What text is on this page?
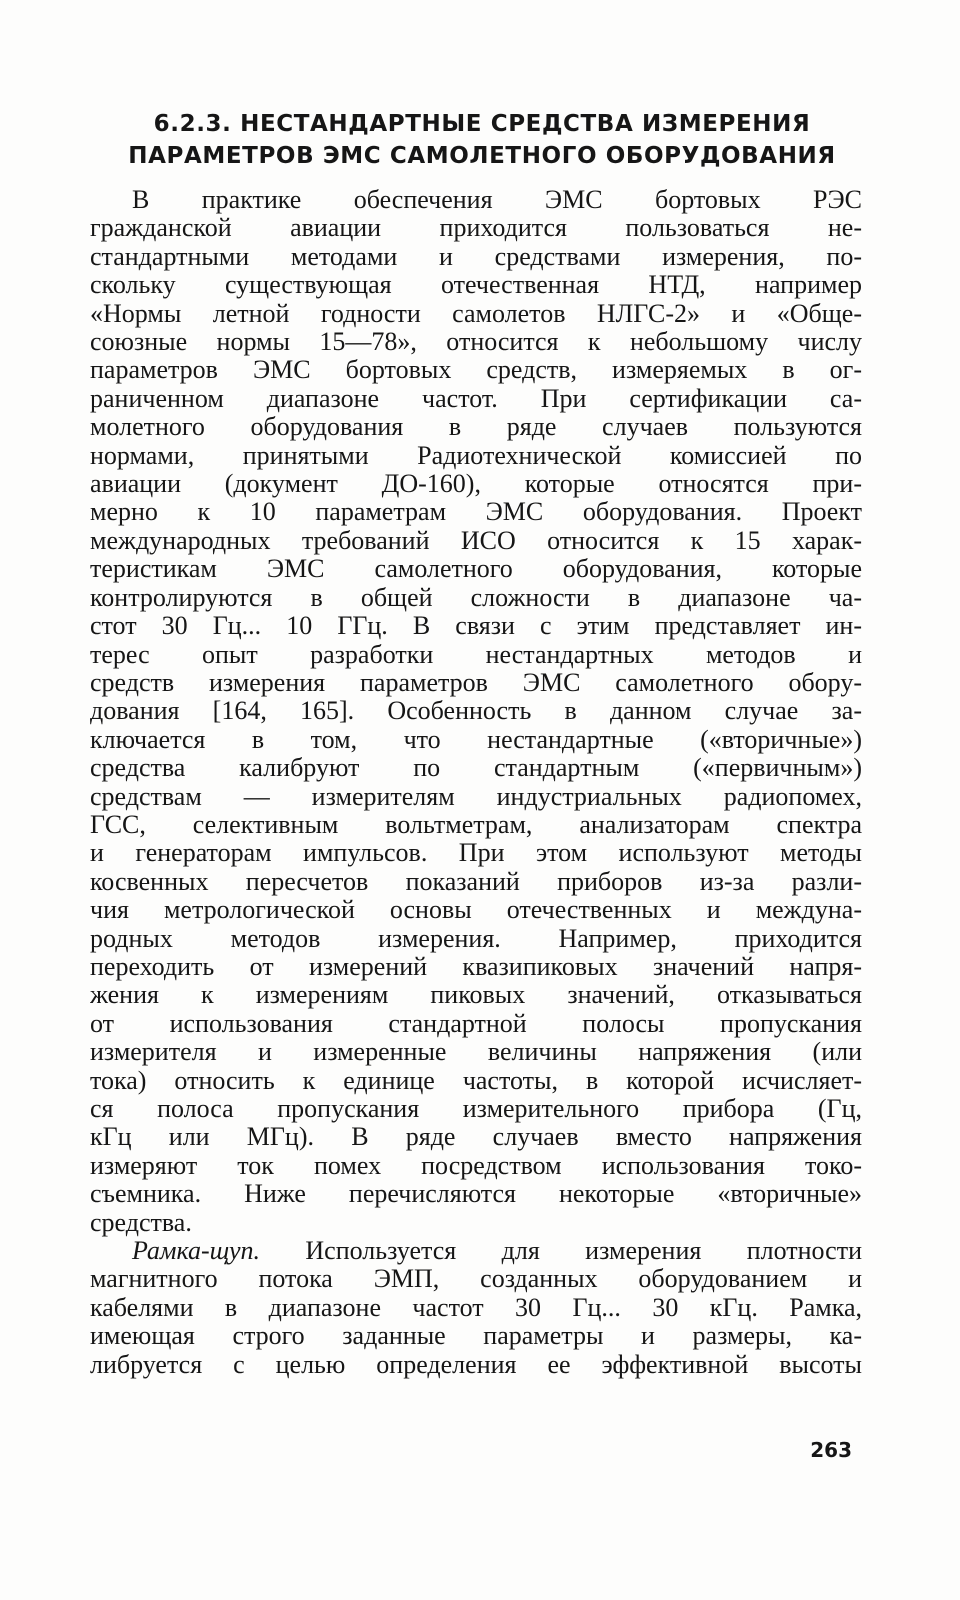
6.2.3. НЕСТАНДАРТНЫЕ СРЕДСТВА ИЗМЕРЕНИЯ
ПАРАМЕТРОВ ЭМС САМОЛЕТНОГО ОБОРУДОВАНИЯ
В практике обеспечения ЭМС бортовых РЭС
гражданской авиации приходится пользоваться не-
стандартными методами и средствами измерения, по-
скольку существующая отечественная НТД, например
«Нормы летной годности самолетов НЛГС-2» и «Обще-
союзные нормы 15—78», относится к небольшому числу
параметров ЭМС бортовых средств, измеряемых в ог-
раниченном диапазоне частот. При сертификации са-
молетного оборудования в ряде случаев пользуются
нормами, принятыми Радиотехнической комиссией по
авиации (документ ДО-160), которые относятся при-
мерно к 10 параметрам ЭМС оборудования. Проект
международных требований ИСО относится к 15 харак-
теристикам ЭМС самолетного оборудования, которые
контролируются в общей сложности в диапазоне ча-
стот 30 Гц... 10 ГГц. В связи с этим представляет ин-
терес опыт разработки нестандартных методов и
средств измерения параметров ЭМС самолетного обору-
дования [164, 165]. Особенность в данном случае за-
ключается в том, что нестандартные («вторичные»)
средства калибруют по стандартным («первичным»)
средствам — измерителям индустриальных радиопомех,
ГСС, селективным вольтметрам, анализаторам спектра
и генераторам импульсов. При этом используют методы
косвенных пересчетов показаний приборов из-за разли-
чия метрологической основы отечественных и междуна-
родных методов измерения. Например, приходится
переходить от измерений квазипиковых значений напря-
жения к измерениям пиковых значений, отказываться
от использования стандартной полосы пропускания
измерителя и измеренные величины напряжения (или
тока) относить к единице частоты, в которой исчисляет-
ся полоса пропускания измерительного прибора (Гц,
кГц или МГц). В ряде случаев вместо напряжения
измеряют ток помех посредством использования токо-
съемника. Ниже перечисляются некоторые «вторичные»
средства.
Рамка-щуп. Используется для измерения плотности
магнитного потока ЭМП, созданных оборудованием и
кабелями в диапазоне частот 30 Гц... 30 кГц. Рамка,
имеющая строго заданные параметры и размеры, ка-
либруется с целью определения ее эффективной высоты
263
